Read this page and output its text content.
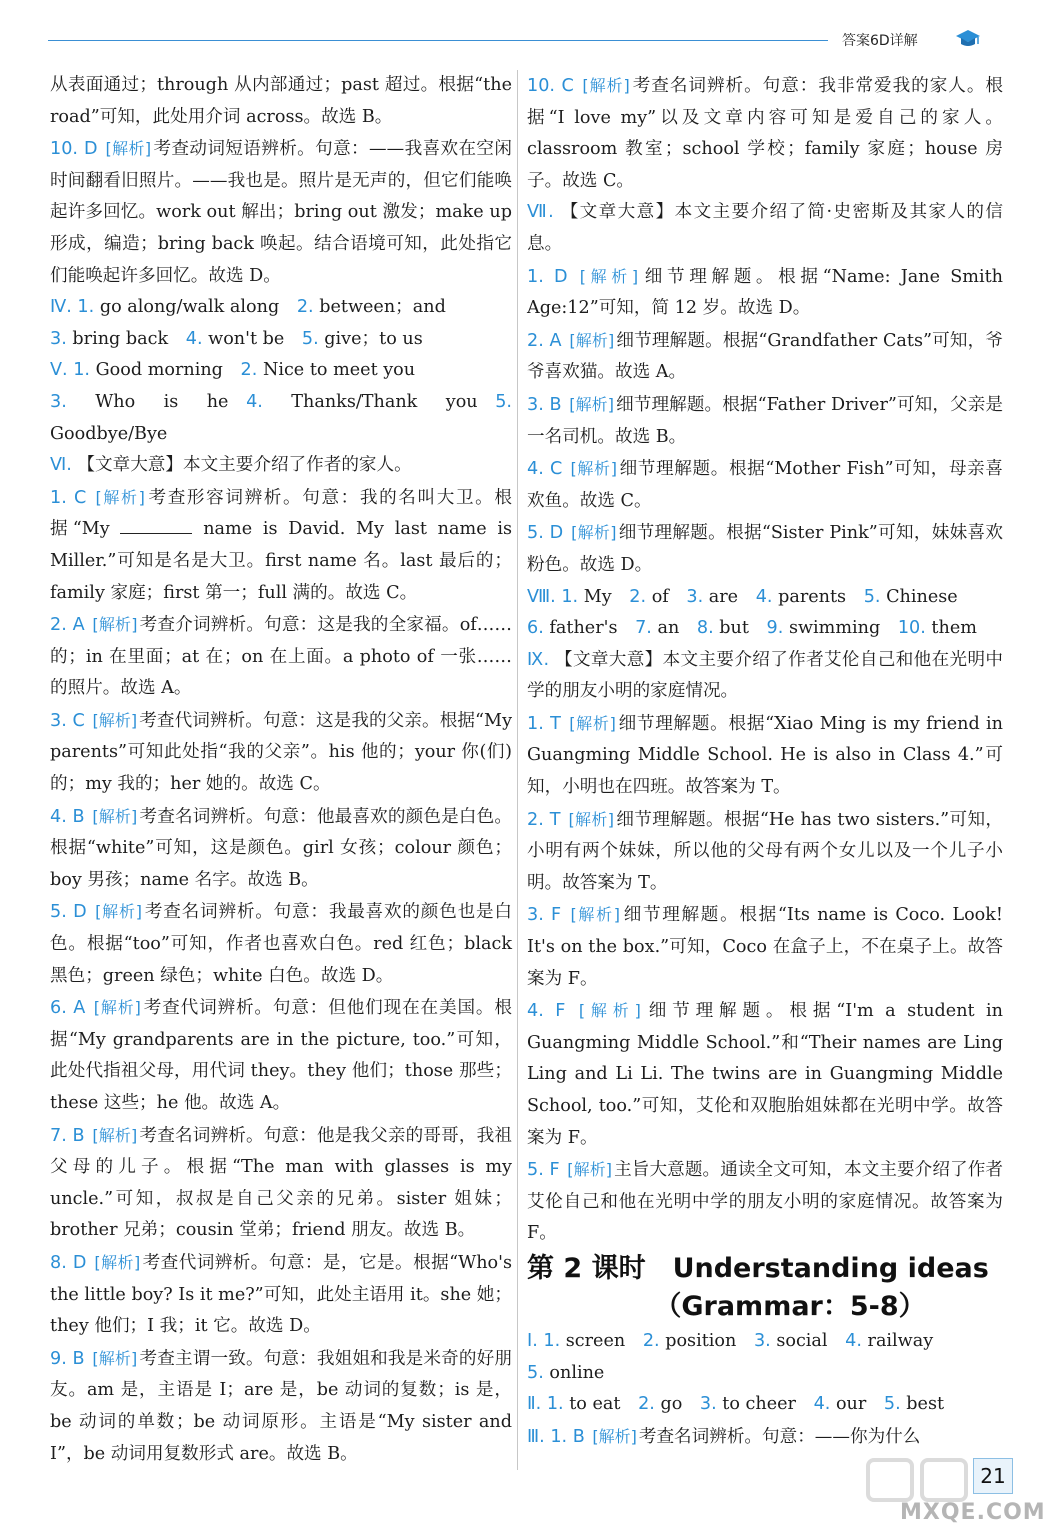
答案6D详解

从表面通过；through 从内部通过；past 超过。根据“the road”可知，此处用介词 across。故选 B。

10. D [解析] 考查动词短语辨析。句意：——我喜欢在空闲时间翻看旧照片。——我也是。照片是无声的，但它们能唤起许多回忆。work out 解出；bring out 激发；make up 形成，编造；bring back 唤起。结合语境可知，此处指它们能唤起许多回忆。故选 D。

Ⅳ. 1. go along/walk along  2. between；and

3. bring back  4. won't be  5. give；to us

Ⅴ. 1. Good morning  2. Nice to meet you

3. Who is he  4. Thanks/Thank you  5. Goodbye/Bye

Ⅵ. 【文章大意】本文主要介绍了作者的家人。

1. C [解析] 考查形容词辨析。句意：我的名叫大卫。根据“My	name is David. My last name is Miller.”可知是名是大卫。first name 名。last 最后的；family 家庭；first 第一；full 满的。故选 C。

2. A [解析] 考查介词辨析。句意：这是我的全家福。of……的；in 在里面；at 在；on 在上面。a photo of 一张……的照片。故选 A。

3. C [解析] 考查代词辨析。句意：这是我的父亲。根据“My parents”可知此处指“我的父亲”。his 他的；your 你(们)的；my 我的；her 她的。故选 C。

4. B [解析] 考查名词辨析。句意：他最喜欢的颜色是白色。根据“white”可知，这是颜色。girl 女孩；colour 颜色；boy 男孩；name 名字。故选 B。

5. D [解析] 考查名词辨析。句意：我最喜欢的颜色也是白色。根据“too”可知，作者也喜欢白色。red 红色；black 黑色；green 绿色；white 白色。故选 D。

6. A [解析] 考查代词辨析。句意：但他们现在在美国。根据“My grandparents are in the picture, too.”可知，此处代指祖父母，用代词 they。they 他们；those 那些；these 这些；he 他。故选 A。

7. B [解析] 考查名词辨析。句意：他是我父亲的哥哥，我祖父母的儿子。根据“The man with glasses is my uncle.”可知，叔叔是自己父亲的兄弟。sister 姐妹；brother 兄弟；cousin 堂弟；friend 朋友。故选 B。

8. D [解析] 考查代词辨析。句意：是，它是。根据“Who's the little boy? Is it me?”可知，此处主语用 it。she 她；they 他们；I 我；it 它。故选 D。

9. B [解析] 考查主谓一致。句意：我姐姐和我是米奇的好朋友。am 是，主语是 I；are 是，be 动词的复数；is 是，be 动词的单数；be 动词原形。主语是“My sister and I”，be 动词用复数形式 are。故选 B。

10. C [解析] 考查名词辨析。句意：我非常爱我的家人。根据“I love my”以及文章内容可知是爱自己的家人。classroom 教室；school 学校；family 家庭；house 房子。故选 C。

Ⅶ. 【文章大意】本文主要介绍了简·史密斯及其家人的信息。

1. D [解析] 细节理解题。根据“Name: Jane Smith Age:12”可知，简 12 岁。故选 D。

2. A [解析] 细节理解题。根据“Grandfather Cats”可知，爷爷喜欢猫。故选 A。

3. B [解析] 细节理解题。根据“Father Driver”可知，父亲是一名司机。故选 B。

4. C [解析] 细节理解题。根据“Mother Fish”可知，母亲喜欢鱼。故选 C。

5. D [解析] 细节理解题。根据“Sister Pink”可知，妹妹喜欢粉色。故选 D。

Ⅷ. 1. My  2. of  3. are  4. parents  5. Chinese

6. father's  7. an  8. but  9. swimming  10. them

Ⅸ. 【文章大意】本文主要介绍了作者艾伦自己和他在光明中学的朋友小明的家庭情况。

1. T [解析] 细节理解题。根据“Xiao Ming is my friend in Guangming Middle School. He is also in Class 4.”可知，小明也在四班。故答案为 T。

2. T [解析] 细节理解题。根据“He has two sisters.”可知，小明有两个妹妹，所以他的父母有两个女儿以及一个儿子小明。故答案为 T。

3. F [解析] 细节理解题。根据“Its name is Coco. Look! It's on the box.”可知，Coco 在盒子上，不在桌子上。故答案为 F。

4. F [解析] 细节理解题。根据“I'm a student in Guangming Middle School.”和“Their names are Ling Ling and Li Li. The twins are in Guangming Middle School, too.”可知，艾伦和双胞胎姐妹都在光明中学。故答案为 F。

5. F [解析] 主旨大意题。通读全文可知，本文主要介绍了作者艾伦自己和他在光明中学的朋友小明的家庭情况。故答案为 F。

第 2 课时　Understanding ideas

（Grammar：5-8）

Ⅰ. 1. screen  2. position  3. social  4. railway

5. online

Ⅱ. 1. to eat  2. go  3. to cheer  4. our  5. best

Ⅲ. 1. B [解析] 考查名词辨析。句意：——你为什么

21
MXQE.COM
